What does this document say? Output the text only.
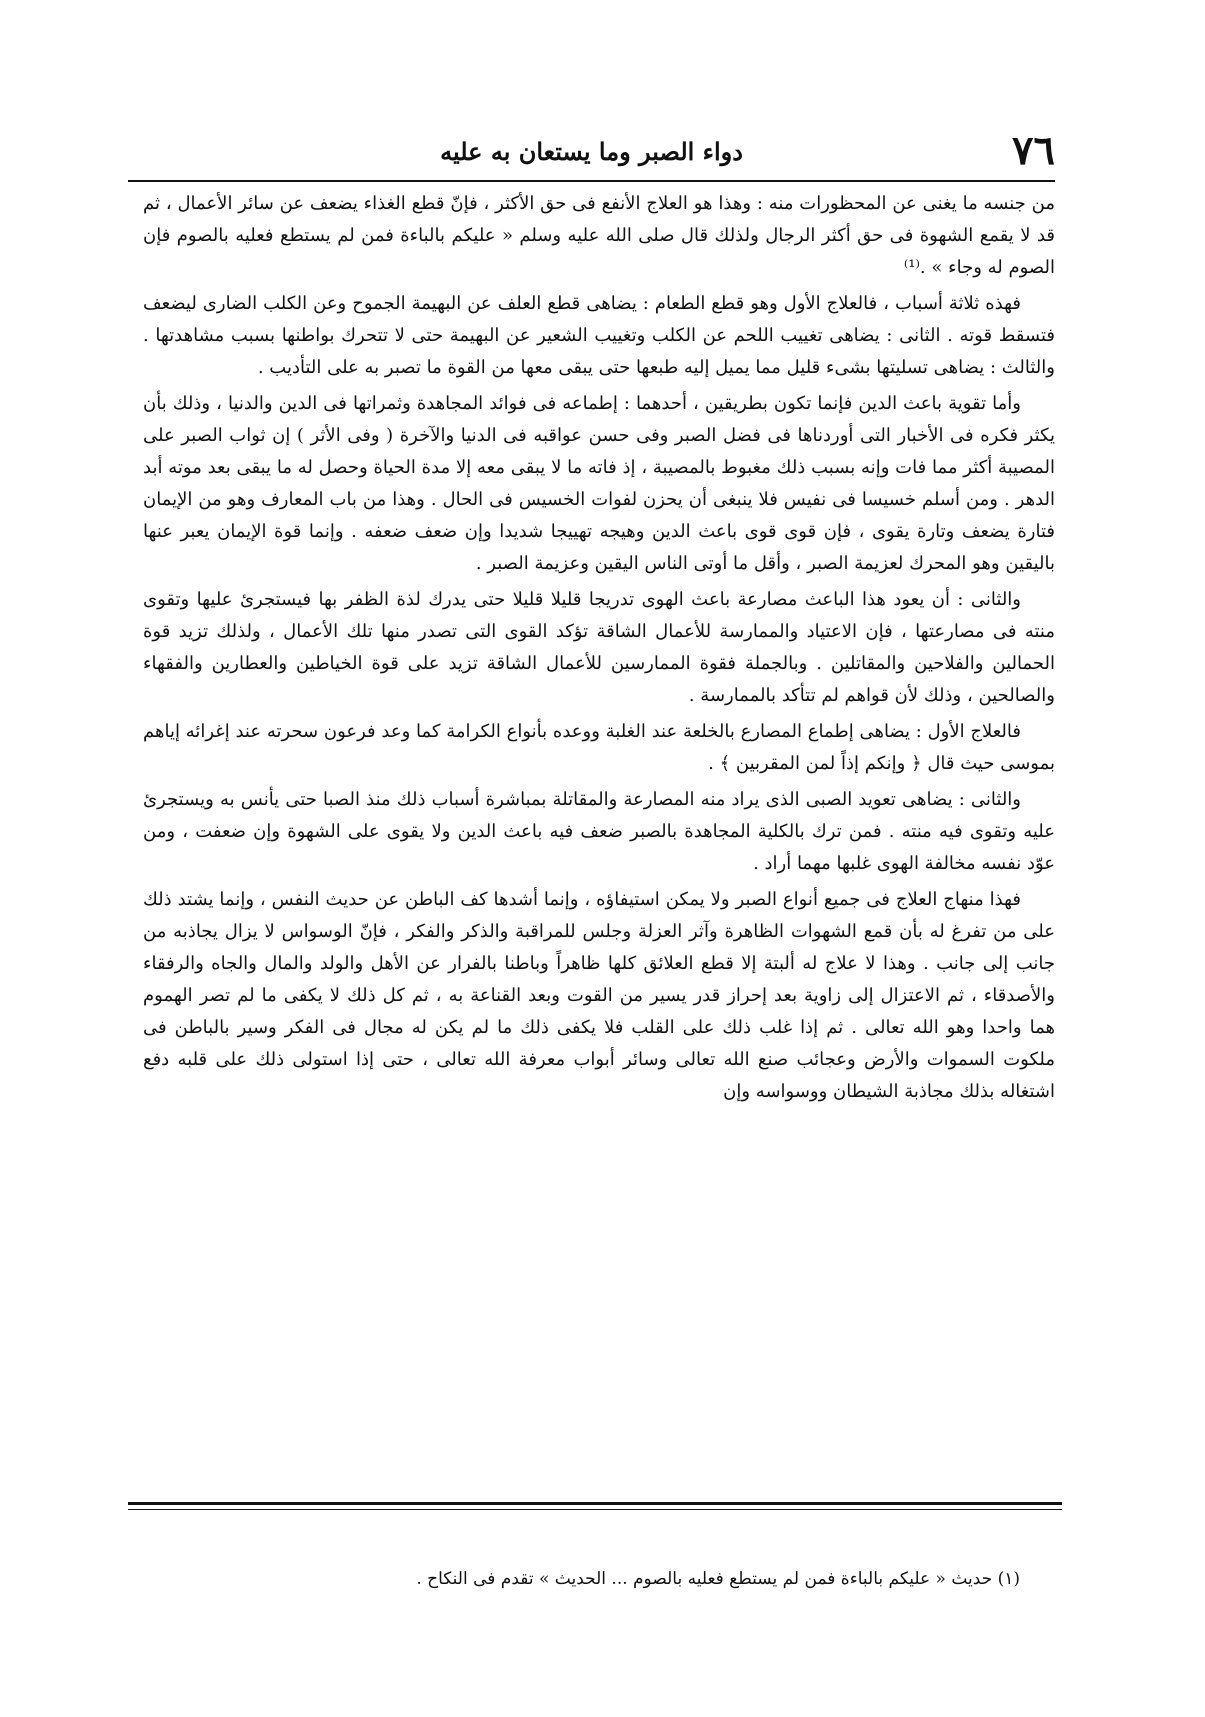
٧٦
دواء الصبر وما يستعان به عليه

من جنسه ما يغنى عن المحظورات منه : وهذا هو العلاج الأنفع فى حق الأكثر ، فإنّ قطع الغذاء يضعف عن سائر الأعمال ، ثم قد لا يقمع الشهوة فى حق أكثر الرجال ولذلك قال صلى الله عليه وسلم « عليكم بالباءة فمن لم يستطع فعليه بالصوم فإن الصوم له وجاء » .⁽¹⁾

فهذه ثلاثة أسباب ، فالعلاج الأول وهو قطع الطعام : يضاهى قطع العلف عن البهيمة الجموح وعن الكلب الضارى ليضعف فتسقط قوته . الثانى : يضاهى تغييب اللحم عن الكلب وتغييب الشعير عن البهيمة حتى لا تتحرك بواطنها بسبب مشاهدتها . والثالث : يضاهى تسليتها بشىء قليل مما يميل إليه طبعها حتى يبقى معها من القوة ما تصبر به على التأديب .

وأما تقوية باعث الدين فإنما تكون بطريقين ، أحدهما : إطماعه فى فوائد المجاهدة وثمراتها فى الدين والدنيا ، وذلك بأن يكثر فكره فى الأخبار التى أوردناها فى فضل الصبر وفى حسن عواقبه فى الدنيا والآخرة ( وفى الأثر ) إن ثواب الصبر على المصيبة أكثر مما فات وإنه بسبب ذلك مغبوط بالمصيبة ، إذ فاته ما لا يبقى معه إلا مدة الحياة وحصل له ما يبقى بعد موته أبد الدهر . ومن أسلم خسيسا فى نفيس فلا ينبغى أن يحزن لفوات الخسيس فى الحال . وهذا من باب المعارف وهو من الإيمان فتارة يضعف وتارة يقوى ، فإن قوى قوى باعث الدين وهيجه تهييجا شديدا وإن ضعف ضعفه . وإنما قوة الإيمان يعبر عنها باليقين وهو المحرك لعزيمة الصبر ، وأقل ما أوتى الناس اليقين وعزيمة الصبر .

والثانى : أن يعود هذا الباعث مصارعة باعث الهوى تدريجا قليلا قليلا حتى يدرك لذة الظفر بها فيستجرئ عليها وتقوى منته فى مصارعتها ، فإن الاعتياد والممارسة للأعمال الشاقة تؤكد القوى التى تصدر منها تلك الأعمال ، ولذلك تزيد قوة الحمالين والفلاحين والمقاتلين . وبالجملة فقوة الممارسين للأعمال الشاقة تزيد على قوة الخياطين والعطارين والفقهاء والصالحين ، وذلك لأن قواهم لم تتأكد بالممارسة .

فالعلاج الأول : يضاهى إطماع المصارع بالخلعة عند الغلبة ووعده بأنواع الكرامة كما وعد فرعون سحرته عند إغرائه إياهم بموسى حيث قال ﴿ وإنكم إذاً لمن المقربين ﴾ .

والثانى : يضاهى تعويد الصبى الذى يراد منه المصارعة والمقاتلة بمباشرة أسباب ذلك منذ الصبا حتى يأنس به ويستجرئ عليه وتقوى فيه منته . فمن ترك بالكلية المجاهدة بالصبر ضعف فيه باعث الدين ولا يقوى على الشهوة وإن ضعفت ، ومن عوّد نفسه مخالفة الهوى غلبها مهما أراد .

فهذا منهاج العلاج فى جميع أنواع الصبر ولا يمكن استيفاؤه ، وإنما أشدها كف الباطن عن حديث النفس ، وإنما يشتد ذلك على من تفرغ له بأن قمع الشهوات الظاهرة وآثر العزلة وجلس للمراقبة والذكر والفكر ، فإنّ الوسواس لا يزال يجاذبه من جانب إلى جانب . وهذا لا علاج له ألبتة إلا قطع العلائق كلها ظاهراً وباطنا بالفرار عن الأهل والولد والمال والجاه والرفقاء والأصدقاء ، ثم الاعتزال إلى زاوية بعد إحراز قدر يسير من القوت وبعد القناعة به ، ثم كل ذلك لا يكفى ما لم تصر الهموم هما واحدا وهو الله تعالى . ثم إذا غلب ذلك على القلب فلا يكفى ذلك ما لم يكن له مجال فى الفكر وسير بالباطن فى ملكوت السموات والأرض وعجائب صنع الله تعالى وسائر أبواب معرفة الله تعالى ، حتى إذا استولى ذلك على قلبه دفع اشتغاله بذلك مجاذبة الشيطان ووسواسه وإن

(١) حديث « عليكم بالباءة فمن لم يستطع فعليه بالصوم ... الحديث » تقدم فى النكاح .
